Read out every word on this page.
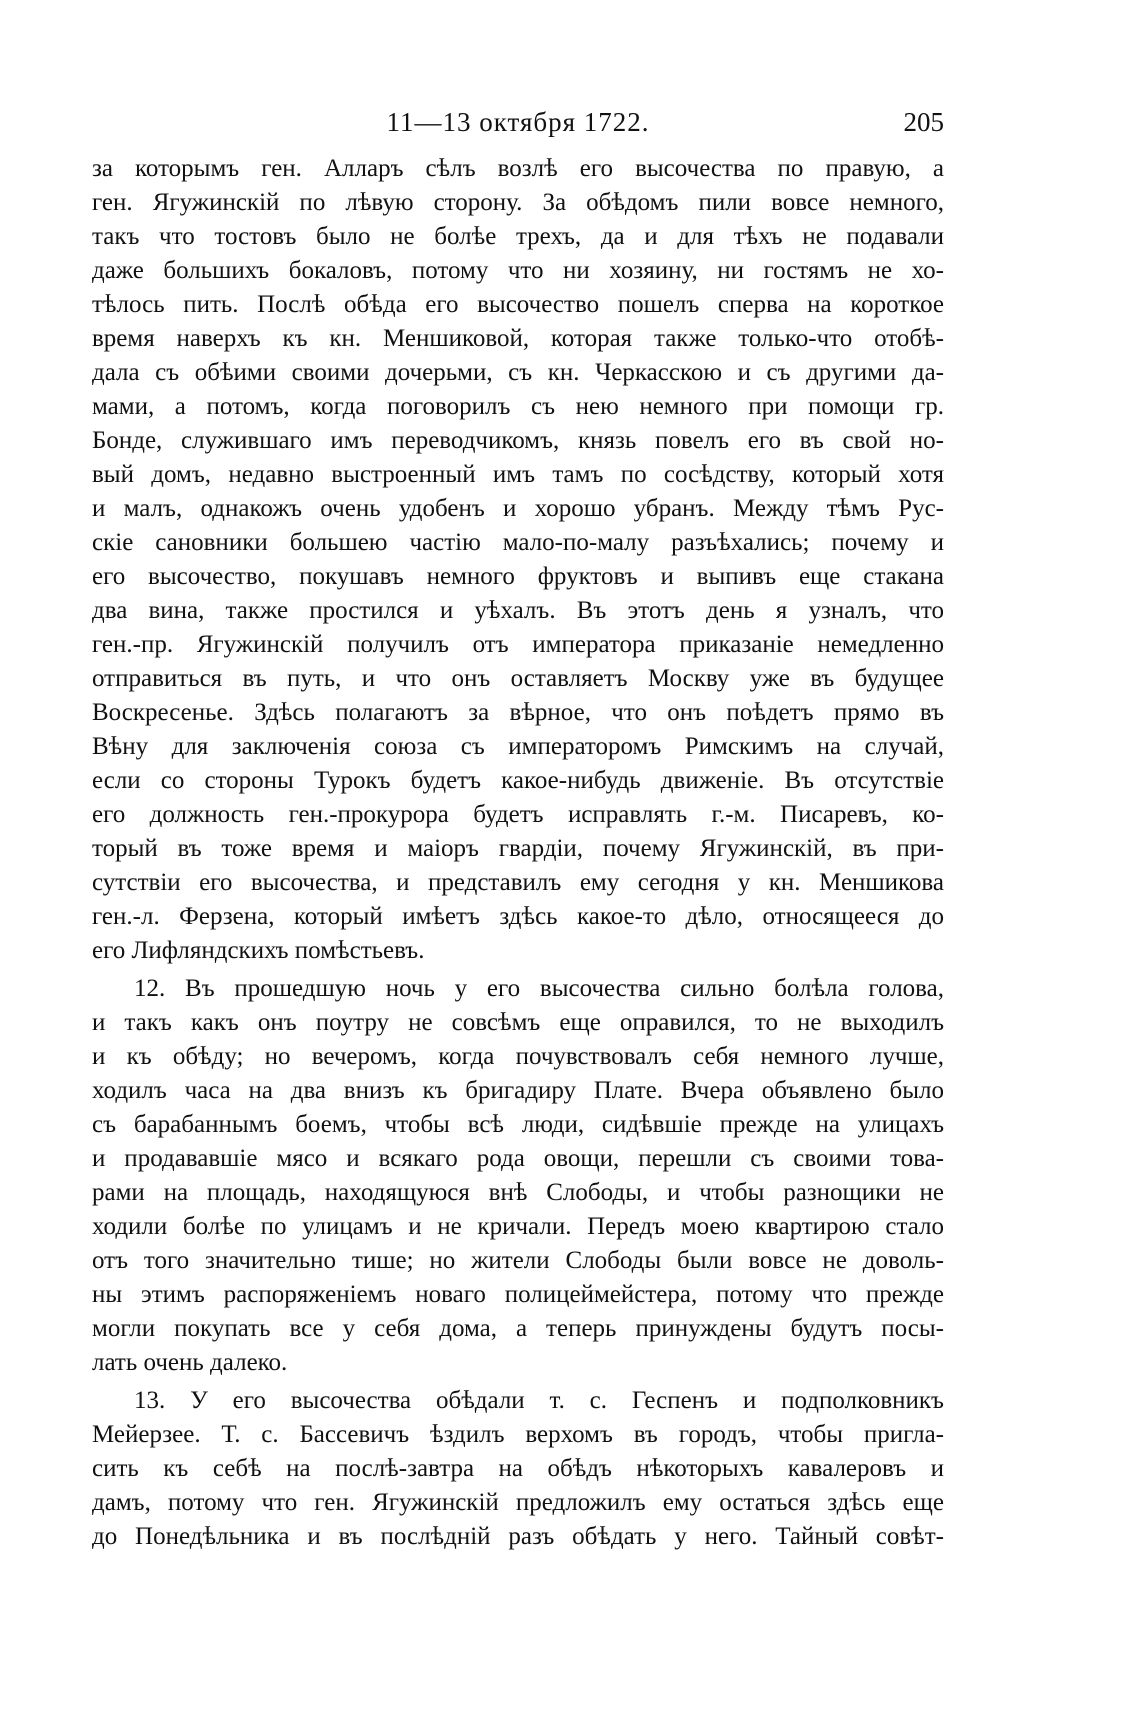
11—13 октября 1722.	205
за которымъ ген. Алларъ сѣлъ возлѣ его высочества по правую, а
ген. Ягужинскій по лѣвую сторону. За обѣдомъ пили вовсе немного,
такъ что тостовъ было не болѣе трехъ, да и для тѣхъ не подавали
даже большихъ бокаловъ, потому что ни хозяину, ни гостямъ не хо-
тѣлось пить. Послѣ обѣда его высочество пошелъ сперва на короткое
время наверхъ къ кн. Меншиковой, которая также только-что отобѣ-
дала съ обѣими своими дочерьми, съ кн. Черкасскою и съ другими да-
мами, а потомъ, когда поговорилъ съ нею немного при помощи гр.
Бонде, служившаго имъ переводчикомъ, князь повелъ его въ свой но-
вый домъ, недавно выстроенный имъ тамъ по сосѣдству, который хотя
и малъ, однакожъ очень удобенъ и хорошо убранъ. Между тѣмъ Рус-
скіе сановники большею частію мало-по-малу разъѣхались; почему и
его высочество, покушавъ немного фруктовъ и выпивъ еще стакана
два вина, также простился и уѣхалъ. Въ этотъ день я узналъ, что
ген.-пр. Ягужинскій получилъ отъ императора приказаніе немедленно
отправиться въ путь, и что онъ оставляетъ Москву уже въ будущее
Воскресенье. Здѣсь полагаютъ за вѣрное, что онъ поѣдетъ прямо въ
Вѣну для заключенія союза съ императоромъ Римскимъ на случай,
если со стороны Турокъ будетъ какое-нибудь движеніе. Въ отсутствіе
его должность ген.-прокурора будетъ исправлять г.-м. Писаревъ, ко-
торый въ тоже время и маіоръ гвардіи, почему Ягужинскій, въ при-
сутствіи его высочества, и представилъ ему сегодня у кн. Меншикова
ген.-л. Ферзена, который имѣетъ здѣсь какое-то дѣло, относящееся до
его Лифляндскихъ помѣстьевъ.
12. Въ прошедшую ночь у его высочества сильно болѣла голова,
и такъ какъ онъ поутру не совсѣмъ еще оправился, то не выходилъ
и къ обѣду; но вечеромъ, когда почувствовалъ себя немного лучше,
ходилъ часа на два внизъ къ бригадиру Плате. Вчера объявлено было
съ барабаннымъ боемъ, чтобы всѣ люди, сидѣвшіе прежде на улицахъ
и продававшіе мясо и всякаго рода овощи, перешли съ своими това-
рами на площадь, находящуюся внѣ Слободы, и чтобы разнощики не
ходили болѣе по улицамъ и не кричали. Передъ моею квартирою стало
отъ того значительно тише; но жители Слободы были вовсе не доволь-
ны этимъ распоряженіемъ новаго полицеймейстера, потому что прежде
могли покупать все у себя дома, а теперь принуждены будутъ посы-
лать очень далеко.
13. У его высочества обѣдали т. с. Геспенъ и подполковникъ
Мейерзее. Т. с. Бассевичъ ѣздилъ верхомъ въ городъ, чтобы пригла-
сить къ себѣ на послѣ-завтра на обѣдъ нѣкоторыхъ кавалеровъ и
дамъ, потому что ген. Ягужинскій предложилъ ему остаться здѣсь еще
до Понедѣльника и въ послѣдній разъ обѣдать у него. Тайный совѣт-
